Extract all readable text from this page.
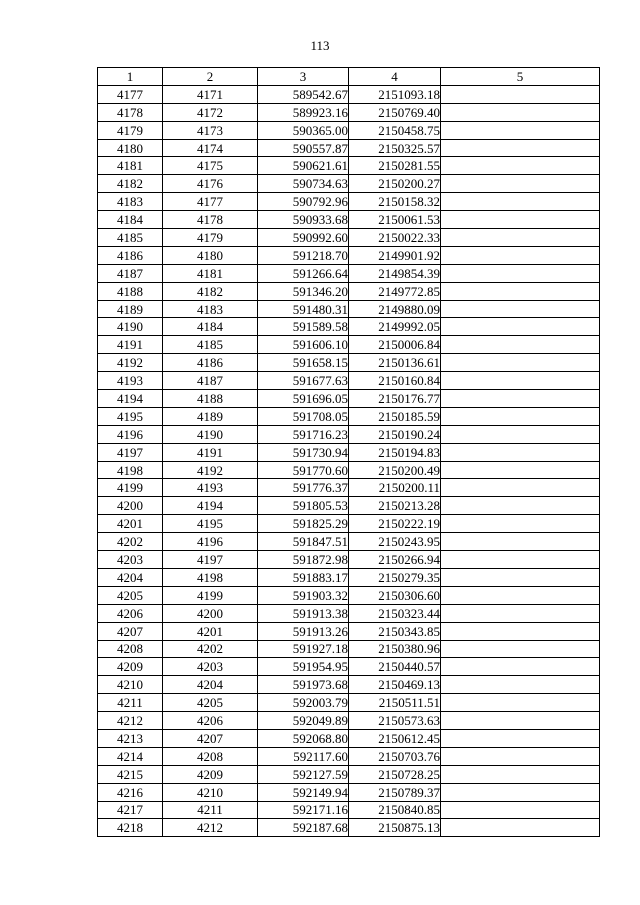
113
1	2	3	4	5
4177	4171	589542.67	2151093.18	
4178	4172	589923.16	2150769.40	
4179	4173	590365.00	2150458.75	
4180	4174	590557.87	2150325.57	
4181	4175	590621.61	2150281.55	
4182	4176	590734.63	2150200.27	
4183	4177	590792.96	2150158.32	
4184	4178	590933.68	2150061.53	
4185	4179	590992.60	2150022.33	
4186	4180	591218.70	2149901.92	
4187	4181	591266.64	2149854.39	
4188	4182	591346.20	2149772.85	
4189	4183	591480.31	2149880.09	
4190	4184	591589.58	2149992.05	
4191	4185	591606.10	2150006.84	
4192	4186	591658.15	2150136.61	
4193	4187	591677.63	2150160.84	
4194	4188	591696.05	2150176.77	
4195	4189	591708.05	2150185.59	
4196	4190	591716.23	2150190.24	
4197	4191	591730.94	2150194.83	
4198	4192	591770.60	2150200.49	
4199	4193	591776.37	2150200.11	
4200	4194	591805.53	2150213.28	
4201	4195	591825.29	2150222.19	
4202	4196	591847.51	2150243.95	
4203	4197	591872.98	2150266.94	
4204	4198	591883.17	2150279.35	
4205	4199	591903.32	2150306.60	
4206	4200	591913.38	2150323.44	
4207	4201	591913.26	2150343.85	
4208	4202	591927.18	2150380.96	
4209	4203	591954.95	2150440.57	
4210	4204	591973.68	2150469.13	
4211	4205	592003.79	2150511.51	
4212	4206	592049.89	2150573.63	
4213	4207	592068.80	2150612.45	
4214	4208	592117.60	2150703.76	
4215	4209	592127.59	2150728.25	
4216	4210	592149.94	2150789.37	
4217	4211	592171.16	2150840.85	
4218	4212	592187.68	2150875.13	
